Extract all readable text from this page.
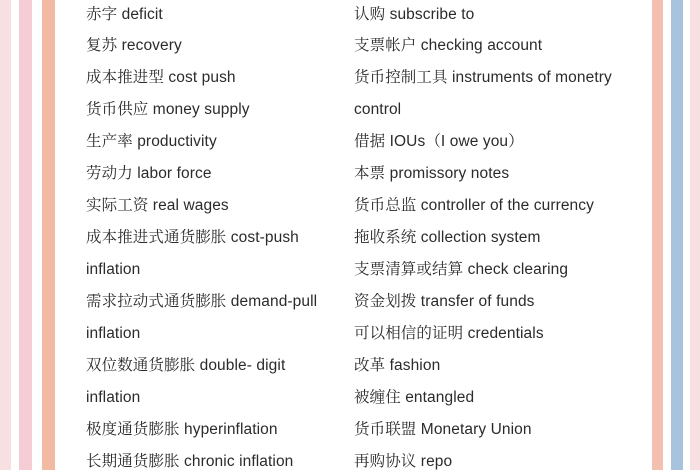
赤字 deficit
复苏 recovery
成本推进型 cost push
货币供应 money supply
生产率 productivity
劳动力 labor force
实际工资 real wages
成本推进式通货膨胀 cost-push
inflation
需求拉动式通货膨胀 demand-pull
inflation
双位数通货膨胀 double- digit
inflation
极度通货膨胀 hyperinflation
长期通货膨胀 chronic inflation
认购 subscribe to
支票帐户 checking account
货币控制工具 instruments of monetry
control
借据 IOUs（I owe you）
本票 promissory notes
货币总监 controller of the currency
拖收系统 collection system
支票清算或结算 check clearing
资金划拨 transfer of funds
可以相信的证明 credentials
改革 fashion
被缠住 entangled
货币联盟 Monetary Union
再购协议 repo
